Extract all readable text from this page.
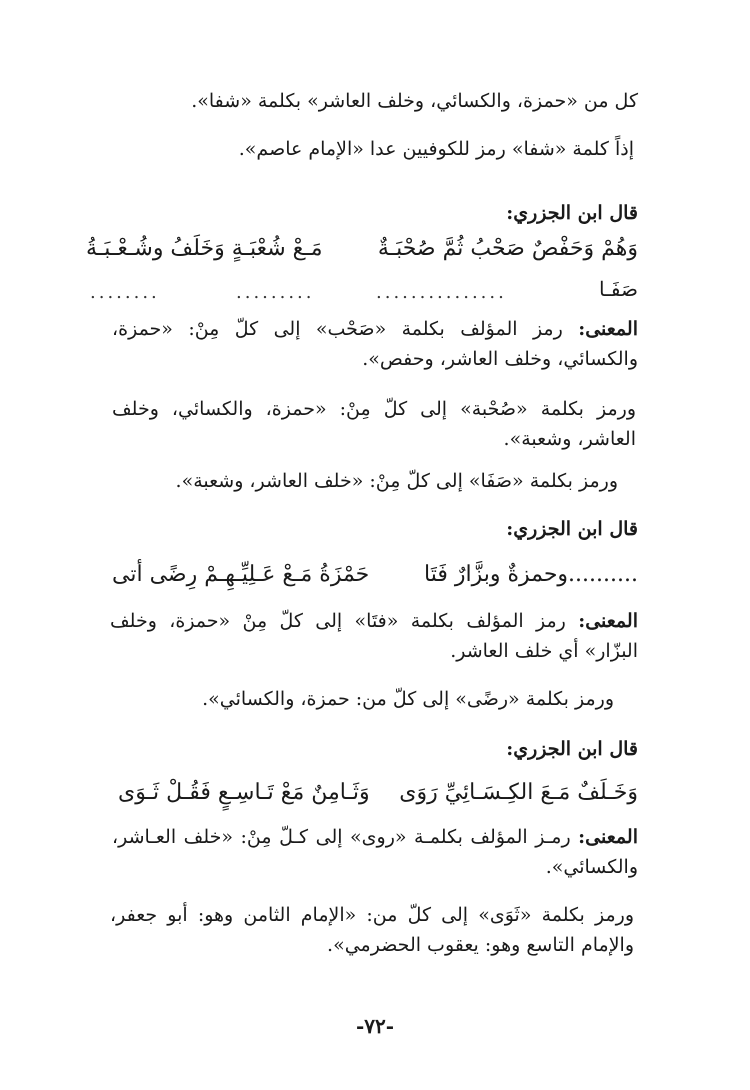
كل من «حمزة، والكسائي، وخلف العاشر» بكلمة «شفا».
إذاً كلمة «شفا» رمز للكوفيين عدا «الإمام عاصم».
قال ابن الجزري:
وَهُمْ وَحَفْصٌ صَحْبُ ثُمَّ صُحْبَـةٌ
مَـعْ شُعْبَـةٍ وَخَلَفُ وشُـعْـبَـةُ
صَفَـا
........	.........	...............
المعنى: رمز المؤلف بكلمة «صَحْب» إلى كلّ مِنْ: «حمزة، والكسائي، وخلف العاشر، وحفص».
ورمز بكلمة «صُحْبة» إلى كلّ مِنْ: «حمزة، والكسائي، وخلف العاشر، وشعبة».
ورمز بكلمة «صَفَا» إلى كلّ مِنْ: «خلف العاشر، وشعبة».
قال ابن الجزري:
..........وحمزةٌ وبزَّارٌ فَتَا
حَمْزَةُ مَـعْ عَـلِيِّـهِـمْ رِضًى أتى
المعنى: رمز المؤلف بكلمة «فتَا» إلى كلّ مِنْ «حمزة، وخلف البزّار» أي خلف العاشر.
ورمز بكلمة «رضًى» إلى كلّ من: حمزة، والكسائي».
قال ابن الجزري:
وَخَـلَفٌ مَـعَ الكِـسَـائِيِّ رَوَى
وَثَـامِنٌ مَعْ تَـاسِـعٍ فَقُـلْ ثَـوَى
المعنى: رمـز المؤلف بكلمـة «روى» إلى كـلّ مِنْ: «خلف العـاشر، والكسائي».
ورمز بكلمة «ثَوَى» إلى كلّ من: «الإمام الثامن وهو: أبو جعفر، والإمام التاسع وهو: يعقوب الحضرمي».
-٧٢-
